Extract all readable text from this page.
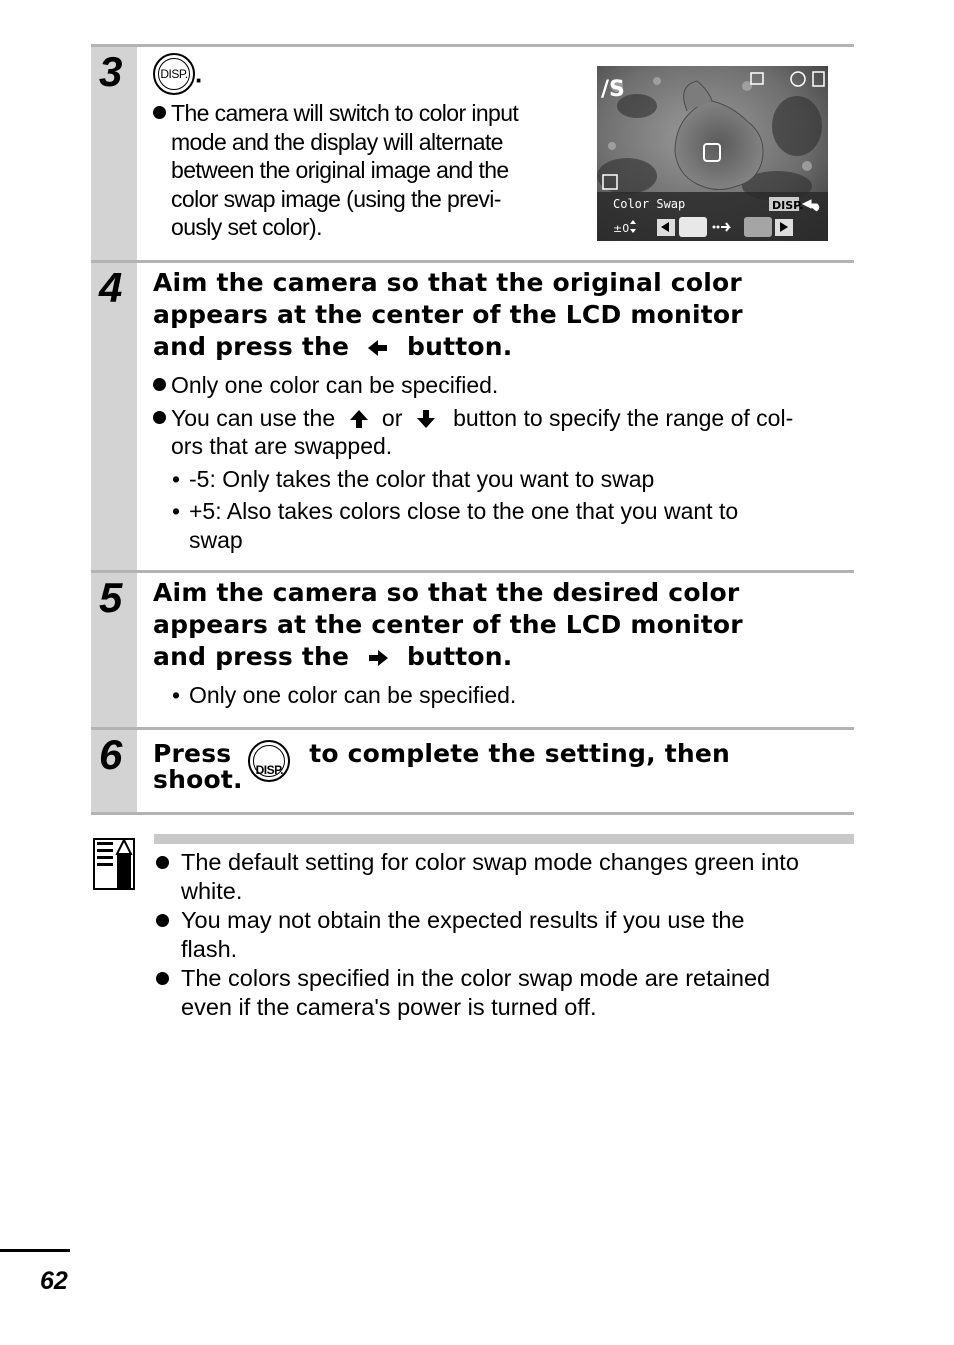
3	DISP. .
The camera will switch to color input
mode and the display will alternate
between the original image and the
color swap image (using the previ-
ously set color).
/S
Color Swap	DISP.
±0
4 Aim the camera so that the original color
appears at the center of the LCD monitor
and press the button.
Only one color can be specified.
You can use the or button to specify the range of col-
ors that are swapped.
• -5: Only takes the color that you want to swap
• +5: Also takes colors close to the one that you want to
swap
5 Aim the camera so that the desired color
appears at the center of the LCD monitor
and press the button.
• Only one color can be specified.
6 Press
DISP.
to complete the setting, then
shoot.
The default setting for color swap mode changes green into
white.
You may not obtain the expected results if you use the
flash.
The colors specified in the color swap mode are retained
even if the camera's power is turned off.
62
